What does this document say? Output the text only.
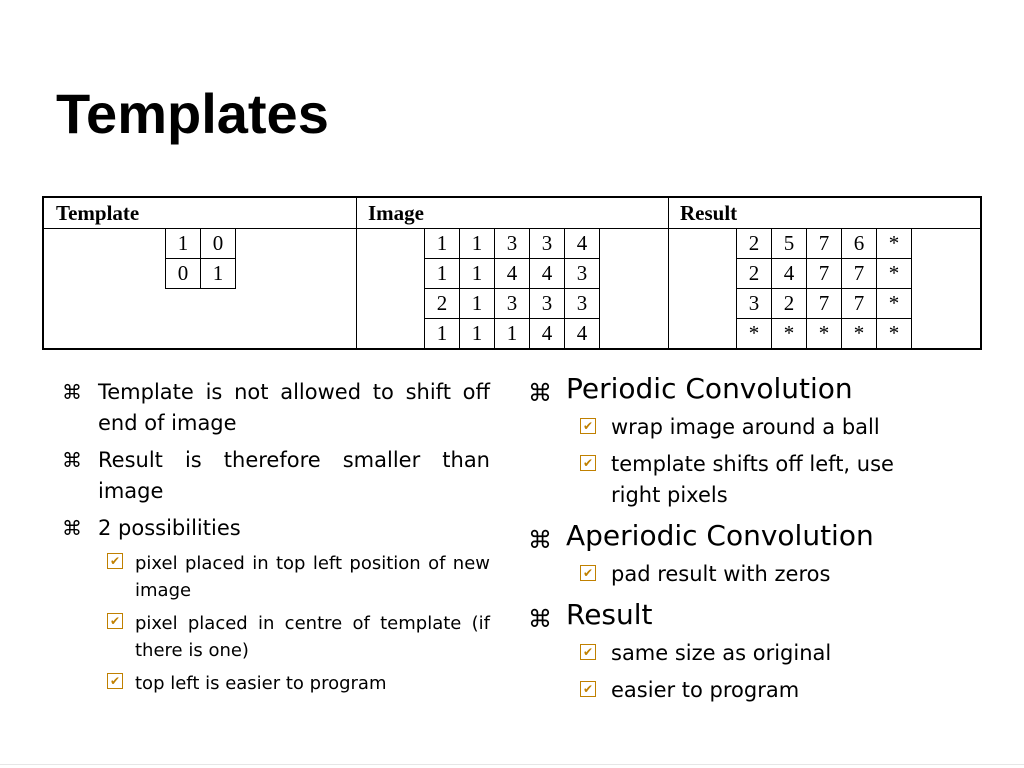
Templates
Template	Image	Result
1	0
0	1
1	1	3	3	4
1	1	4	4	3
2	1	3	3	3
1	1	1	4	4
2	5	7	6	*
2	4	7	7	*
3	2	7	7	*
*	*	*	*	*
⌘ Template is not allowed to shift off end of image
⌘ Result is therefore smaller than image
⌘ 2 possibilities
✔
pixel placed in top left position of new image
✔
pixel placed in centre of template (if there is one)
✔
top left is easier to program
⌘ Periodic Convolution
✔
wrap image around a ball
✔
template shifts off left, use right pixels
⌘ Aperiodic Convolution
✔
pad result with zeros
⌘ Result
✔
same size as original
✔
easier to program
